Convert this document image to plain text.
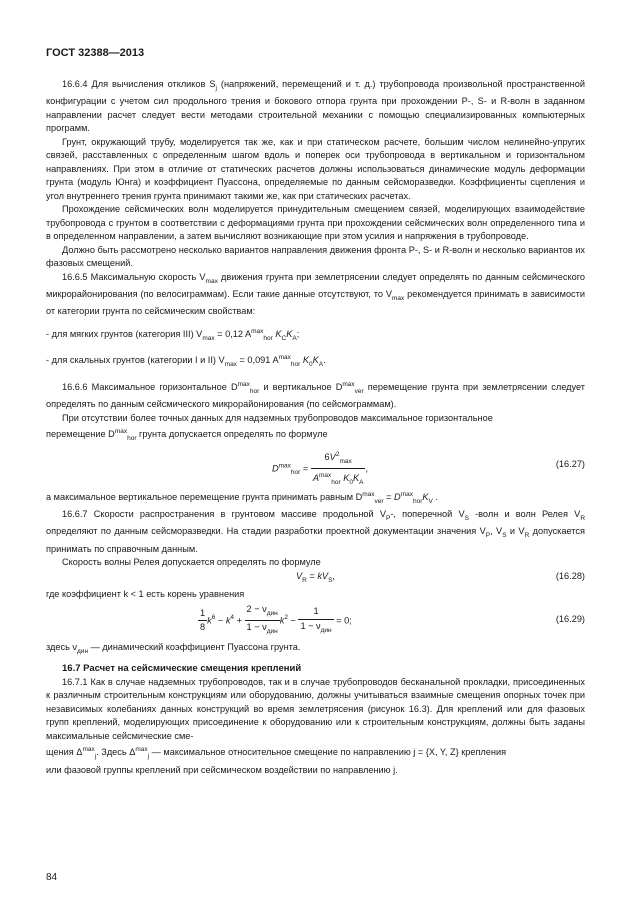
ГОСТ 32388—2013

16.6.4 Для вычисления откликов $S_j$ (напряжений, перемещений и т. д.) трубопровода произвольной пространственной конфигурации с учетом сил продольного трения и бокового отпора грунта при прохождении P-, S- и R-волн в заданном направлении расчет следует вести методами строительной механики с помощью специализированных компьютерных программ.

Грунт, окружающий трубу, моделируется так же, как и при статическом расчете, большим числом нелинейно-упругих связей, расставленных с определенным шагом вдоль и поперек оси трубопровода в вертикальном и горизонтальном направлениях. При этом в отличие от статических расчетов должны использоваться динамические модуль деформации грунта (модуль Юнга) и коэффициент Пуассона, определяемые по данным сейсморазведки. Коэффициенты сцепления и угол внутреннего трения грунта принимают такими же, как при статических расчетах.

Прохождение сейсмических волн моделируется принудительным смещением связей, моделирующих взаимодействие трубопровода с грунтом в соответствии с деформациями грунта при прохождении сейсмических волн определенного типа и в определенном направлении, а затем вычисляют возникающие при этом усилия и напряжения в трубопроводе.

Должно быть рассмотрено несколько вариантов направления движения фронта P-, S- и R-волн и несколько вариантов их фазовых смещений.

16.6.5 Максимальную скорость $V_{max}$ движения грунта при землетрясении следует определять по данным сейсмического микрорайонирования (по велосиграммам). Если такие данные отсутствуют, то $V_{max}$ рекомендуется принимать в зависимости от категории грунта по сейсмическим свойствам:

- для мягких грунтов (категория III) $V_{max} = 0,12$ $A^{max}_{hor}$ $K_CK_A$;

- для скальных грунтов (категории I и II) $V_{max} = 0,091$ $A^{max}_{hor}$ $K_0K_A$.

16.6.6 Максимальное горизонтальное $D^{max}_{hor}$ и вертикальное $D^{max}_{ver}$ перемещение грунта при землетрясении следует определять по данным сейсмического микрорайонирования (по сейсмограммам).

При отсутствии более точных данных для надземных трубопроводов максимальное горизонтальное

перемещение $D^{max}_{hor}$ грунта допускается определять по формуле

$D^{max}_{hor} = \frac{6V^2_{max}}{A^{max}_{hor} K_0K_A}$ ,	(16.27)

а максимальное вертикальное перемещение грунта принимать равным $D^{max}_{ver} = D^{max}_{hor}K_V$ .

16.6.7 Скорости распространения в грунтовом массиве продольной $V_P-$, поперечной $V_S$ -волн и волн Релея $V_R$ определяют по данным сейсморазведки. На стадии разработки проектной документации значения $V_P$, $V_S$ и $V_R$ допускается принимать по справочным данным.

Скорость волны Релея допускается определять по формуле

$V_R = kV_S$,	(16.28)

где коэффициент k < 1 есть корень уравнения

$\frac{1}{8} k^6 - k^4 + \frac{2 - \nu_{дин}}{1 - \nu_{дин}} k^2 - \frac{1}{1 - \nu_{дин}} = 0$;	(16.29)

здесь $\nu_{дин}$ — динамический коэффициент Пуассона грунта.

16.7 Расчет на сейсмические смещения креплений

16.7.1 Как в случае надземных трубопроводов, так и в случае трубопроводов бесканальной прокладки, присоединенных к различным строительным конструкциям или оборудованию, должны учитываться взаимные смещения опорных точек при независимых колебаниях данных конструкций во время землетрясения (рисунок 16.3). Для креплений или для фазовых групп креплений, моделирующих присоединение к оборудованию или к строительным конструкциям, должны быть заданы максимальные сейсмические сме-

щения $\Delta^{max}_j$. Здесь $\Delta^{max}_j$ — максимальное относительное смещение по направлению j = {X, Y, Z} крепления

или фазовой группы креплений при сейсмическом воздействии по направлению j.

84
